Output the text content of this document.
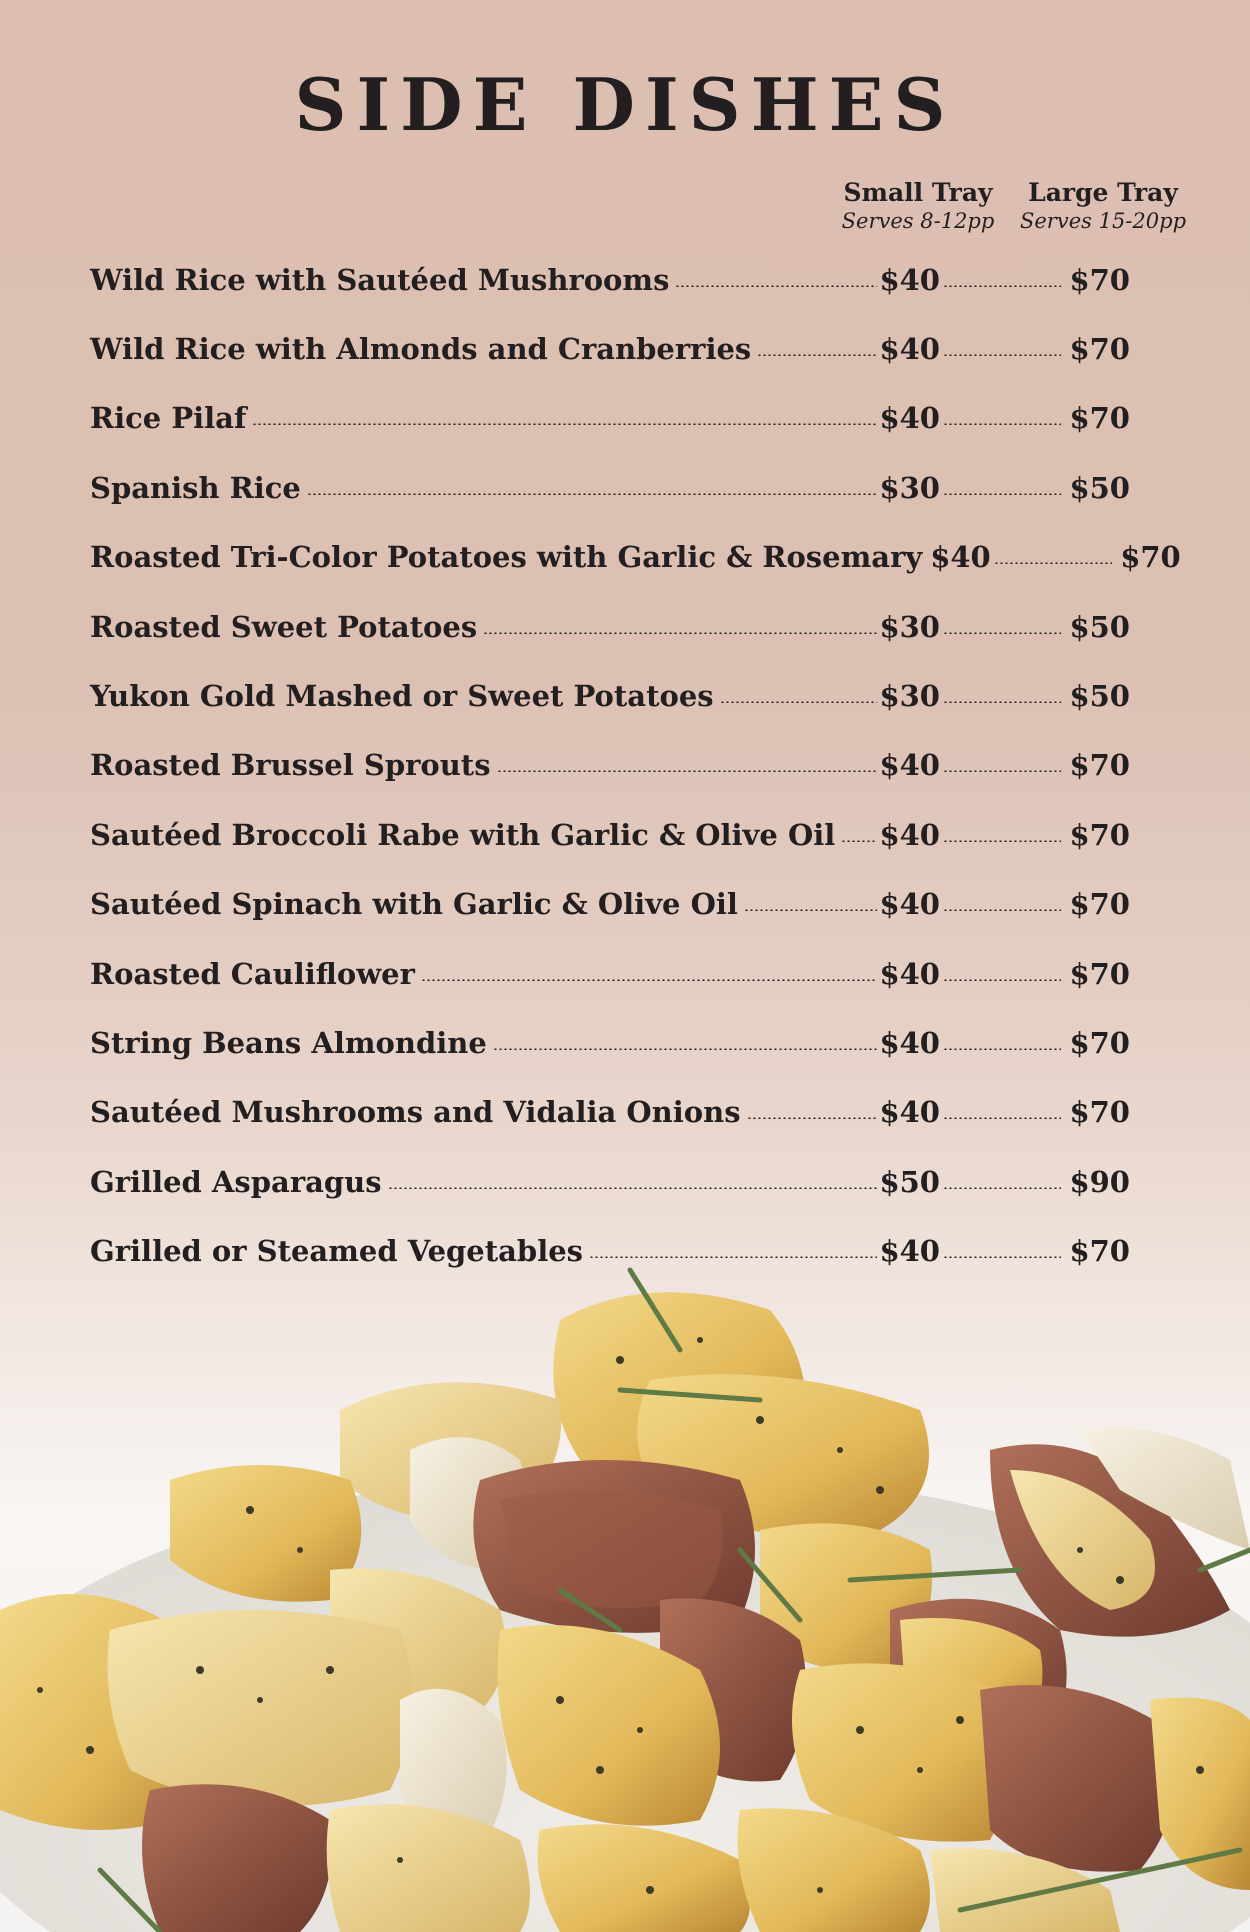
SIDE DISHES
Small Tray
Serves 8-12pp
Large Tray
Serves 15-20pp
Wild Rice with Sautéed Mushrooms	$40	$70
Wild Rice with Almonds and Cranberries	$40	$70
Rice Pilaf	$40	$70
Spanish Rice	$30	$50
Roasted Tri-Color Potatoes with Garlic & Rosemary $40	$70
Roasted Sweet Potatoes	$30	$50
Yukon Gold Mashed or Sweet Potatoes	$30	$50
Roasted Brussel Sprouts	$40	$70
Sautéed Broccoli Rabe with Garlic & Olive Oil $40	$70
Sautéed Spinach with Garlic & Olive Oil	$40	$70
Roasted Cauliflower	$40	$70
String Beans Almondine	$40	$70
Sautéed Mushrooms and Vidalia Onions	$40	$70
Grilled Asparagus	$50	$90
Grilled or Steamed Vegetables	$40	$70
